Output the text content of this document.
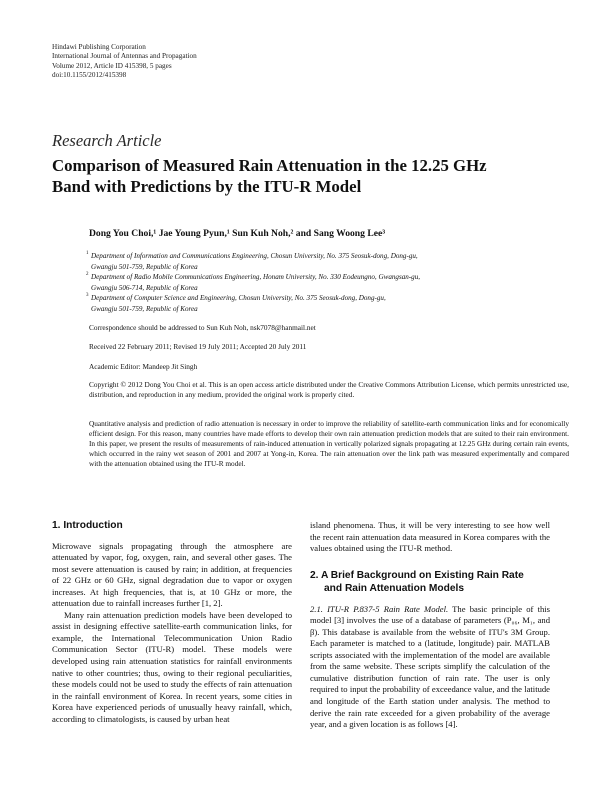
Hindawi Publishing Corporation
International Journal of Antennas and Propagation
Volume 2012, Article ID 415398, 5 pages
doi:10.1155/2012/415398
Research Article
Comparison of Measured Rain Attenuation in the 12.25 GHz
Band with Predictions by the ITU-R Model
Dong You Choi,¹ Jae Young Pyun,¹ Sun Kuh Noh,² and Sang Woong Lee³
1 Department of Information and Communications Engineering, Chosun University, No. 375 Seosuk-dong, Dong-gu,
Gwangju 501-759, Republic of Korea
2 Department of Radio Mobile Communications Engineering, Honam University, No. 330 Eodeungno, Gwangsan-gu,
Gwangju 506-714, Republic of Korea
3 Department of Computer Science and Engineering, Chosun University, No. 375 Seosuk-dong, Dong-gu,
Gwangju 501-759, Republic of Korea
Correspondence should be addressed to Sun Kuh Noh, nsk7078@hanmail.net
Received 22 February 2011; Revised 19 July 2011; Accepted 20 July 2011
Academic Editor: Mandeep Jit Singh
Copyright © 2012 Dong You Choi et al. This is an open access article distributed under the Creative Commons Attribution License, which permits unrestricted use, distribution, and reproduction in any medium, provided the original work is properly cited.
Quantitative analysis and prediction of radio attenuation is necessary in order to improve the reliability of satellite-earth communication links and for economically efficient design. For this reason, many countries have made efforts to develop their own rain attenuation prediction models that are suited to their rain environment. In this paper, we present the results of measurements of rain-induced attenuation in vertically polarized signals propagating at 12.25 GHz during certain rain events, which occurred in the rainy wet season of 2001 and 2007 at Yong-in, Korea. The rain attenuation over the link path was measured experimentally and compared with the attenuation obtained using the ITU-R model.
1. Introduction

Microwave signals propagating through the atmosphere are attenuated by vapor, fog, oxygen, rain, and several other gases. The most severe attenuation is caused by rain; in addition, at frequencies of 22 GHz or 60 GHz, signal degradation due to vapor or oxygen increases. At high frequencies, that is, at 10 GHz or more, the attenuation due to rainfall increases further [1, 2].

Many rain attenuation prediction models have been developed to assist in designing effective satellite-earth communication links, for example, the International Telecommunication Union Radio Communication Sector (ITU-R) model. These models were developed using rain attenuation statistics for rainfall environments native to other countries; thus, owing to their regional peculiarities, these models could not be used to study the effects of rain attenuation in the rainfall environment of Korea. In recent years, some cities in Korea have experienced periods of unusually heavy rainfall, which, according to climatologists, is caused by urban heat

island phenomena. Thus, it will be very interesting to see how well the recent rain attenuation data measured in Korea compares with the values obtained using the ITU-R method.

2. A Brief Background on Existing Rain Rate
and Rain Attenuation Models

2.1. ITU-R P.837-5 Rain Rate Model. The basic principle of this model [3] involves the use of a database of parameters (P₀₆, M₁, and β). This database is available from the website of ITU's 3M Group. Each parameter is matched to a (latitude, longitude) pair. MATLAB scripts associated with the implementation of the model are available from the same website. These scripts simplify the calculation of the cumulative distribution function of rain rate. The user is only required to input the probability of exceedance value, and the latitude and longitude of the Earth station under analysis. The method to derive the rain rate exceeded for a given probability of the average year, and a given location is as follows [4].
